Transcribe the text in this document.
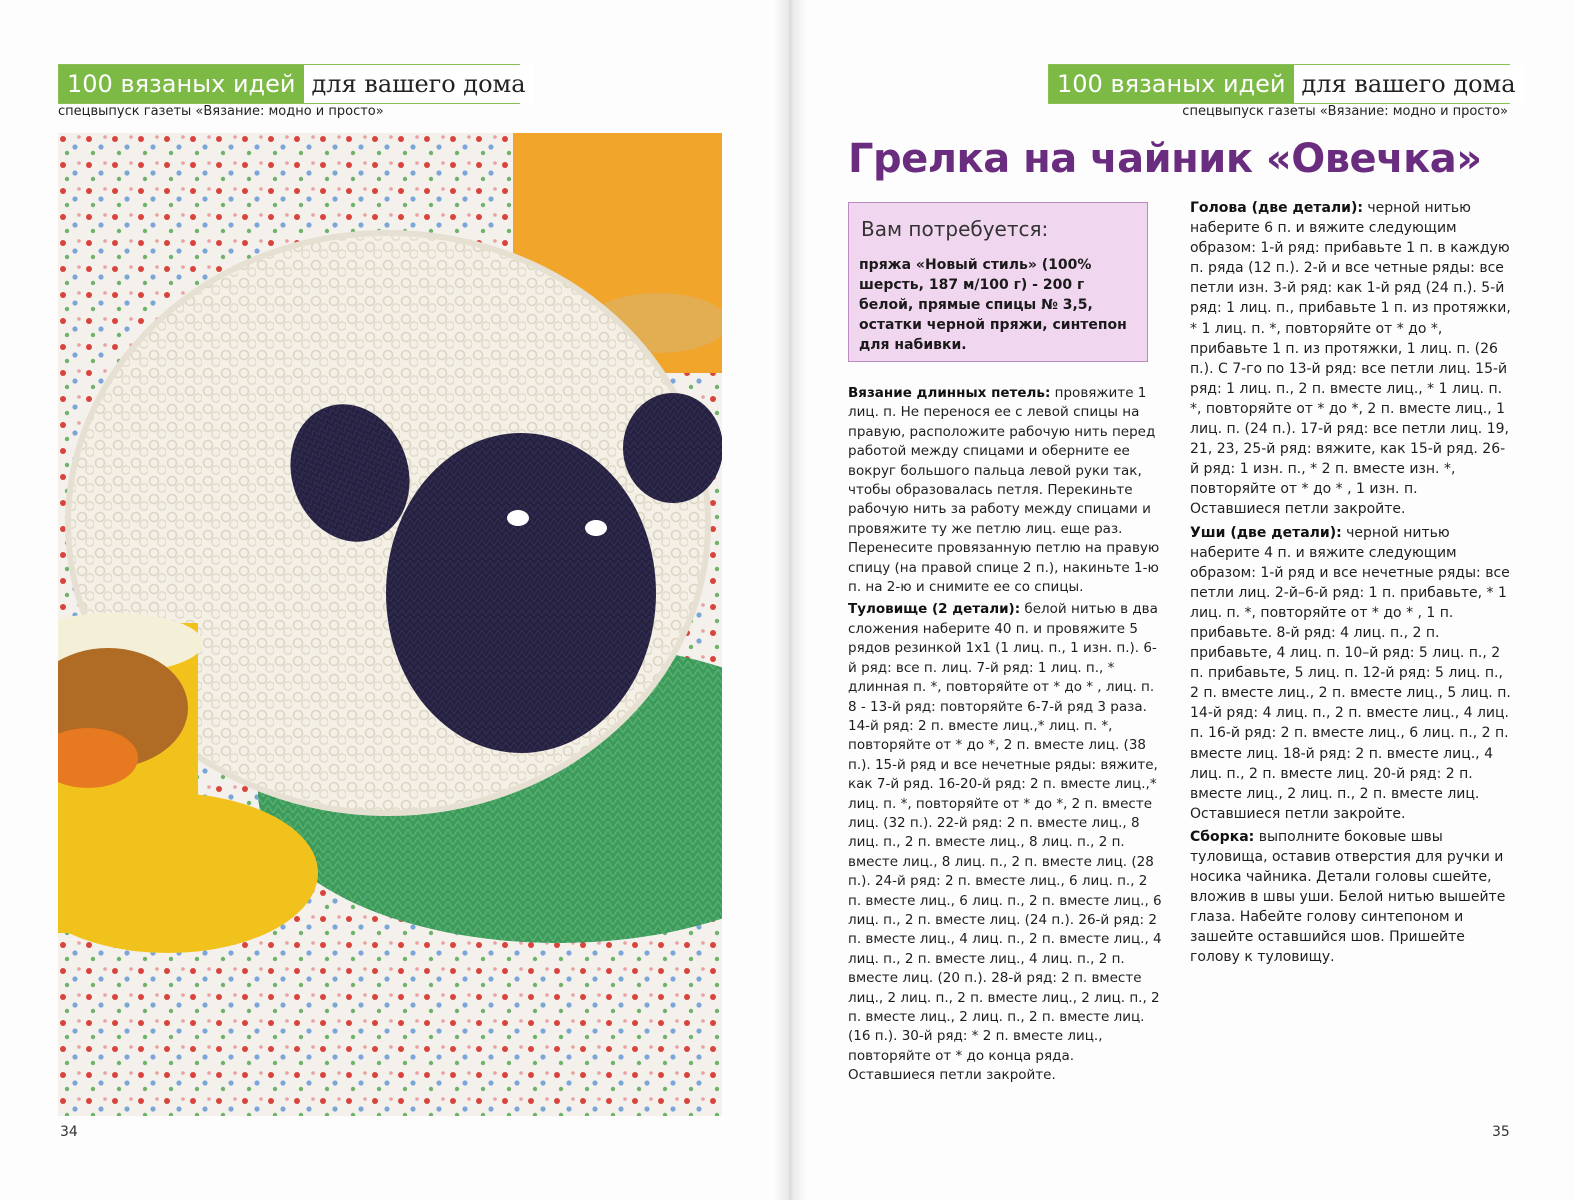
100 вязаных идей для вашего дома
спецвыпуск газеты «Вязание: модно и просто»
34
100 вязаных идей для вашего дома
спецвыпуск газеты «Вязание: модно и просто»
Грелка на чайник «Овечка»
Вам потребуется:
пряжа «Новый стиль» (100% шерсть, 187 м/100 г) - 200 г белой, прямые спицы № 3,5, остатки черной пряжи, синтепон для набивки.

Вязание длинных петель: провяжите 1 лиц. п. Не перенося ее с левой спицы на правую, расположите рабочую нить перед работой между спицами и оберните ее вокруг большого пальца левой руки так, чтобы образовалась петля. Перекиньте рабочую нить за работу между спицами и провяжите ту же петлю лиц. еще раз. Перенесите провязанную петлю на правую спицу (на правой спице 2 п.), накиньте 1-ю п. на 2-ю и снимите ее со спицы.

Туловище (2 детали): белой нитью в два сложения наберите 40 п. и провяжите 5 рядов резинкой 1х1 (1 лиц. п., 1 изн. п.). 6-й ряд: все п. лиц. 7-й ряд: 1 лиц. п., * длинная п. *, повторяйте от * до * , лиц. п. 8 - 13-й ряд: повторяйте 6-7-й ряд 3 раза. 14-й ряд: 2 п. вместе лиц.,* лиц. п. *, повторяйте от * до *, 2 п. вместе лиц. (38 п.). 15-й ряд и все нечетные ряды: вяжите, как 7-й ряд. 16-20-й ряд: 2 п. вместе лиц.,* лиц. п. *, повторяйте от * до *, 2 п. вместе лиц. (32 п.). 22-й ряд: 2 п. вместе лиц., 8 лиц. п., 2 п. вместе лиц., 8 лиц. п., 2 п. вместе лиц., 8 лиц. п., 2 п. вместе лиц. (28 п.). 24-й ряд: 2 п. вместе лиц., 6 лиц. п., 2 п. вместе лиц., 6 лиц. п., 2 п. вместе лиц., 6 лиц. п., 2 п. вместе лиц. (24 п.). 26-й ряд: 2 п. вместе лиц., 4 лиц. п., 2 п. вместе лиц., 4 лиц. п., 2 п. вместе лиц., 4 лиц. п., 2 п. вместе лиц. (20 п.). 28-й ряд: 2 п. вместе лиц., 2 лиц. п., 2 п. вместе лиц., 2 лиц. п., 2 п. вместе лиц., 2 лиц. п., 2 п. вместе лиц. (16 п.). 30-й ряд: * 2 п. вместе лиц., повторяйте от * до конца ряда. Оставшиеся петли закройте.

Голова (две детали): черной нитью наберите 6 п. и вяжите следующим образом: 1-й ряд: прибавьте 1 п. в каждую п. ряда (12 п.). 2-й и все четные ряды: все петли изн. 3-й ряд: как 1-й ряд (24 п.). 5-й ряд: 1 лиц. п., прибавьте 1 п. из протяжки, * 1 лиц. п. *, повторяйте от * до *, прибавьте 1 п. из протяжки, 1 лиц. п. (26 п.). С 7-го по 13-й ряд: все петли лиц. 15-й ряд: 1 лиц. п., 2 п. вместе лиц., * 1 лиц. п. *, повторяйте от * до *, 2 п. вместе лиц., 1 лиц. п. (24 п.). 17-й ряд: все петли лиц. 19, 21, 23, 25-й ряд: вяжите, как 15-й ряд. 26-й ряд: 1 изн. п., * 2 п. вместе изн. *, повторяйте от * до * , 1 изн. п. Оставшиеся петли закройте.

Уши (две детали): черной нитью наберите 4 п. и вяжите следующим образом: 1-й ряд и все нечетные ряды: все петли лиц. 2-й–6-й ряд: 1 п. прибавьте, * 1 лиц. п. *, повторяйте от * до * , 1 п. прибавьте. 8-й ряд: 4 лиц. п., 2 п. прибавьте, 4 лиц. п. 10–й ряд: 5 лиц. п., 2 п. прибавьте, 5 лиц. п. 12-й ряд: 5 лиц. п., 2 п. вместе лиц., 2 п. вместе лиц., 5 лиц. п. 14-й ряд: 4 лиц. п., 2 п. вместе лиц., 4 лиц. п. 16-й ряд: 2 п. вместе лиц., 6 лиц. п., 2 п. вместе лиц. 18-й ряд: 2 п. вместе лиц., 4 лиц. п., 2 п. вместе лиц. 20-й ряд: 2 п. вместе лиц., 2 лиц. п., 2 п. вместе лиц. Оставшиеся петли закройте.

Сборка: выполните боковые швы туловища, оставив отверстия для ручки и носика чайника. Детали головы сшейте, вложив в швы уши. Белой нитью вышейте глаза. Набейте голову синтепоном и зашейте оставшийся шов. Пришейте голову к туловищу.

35
